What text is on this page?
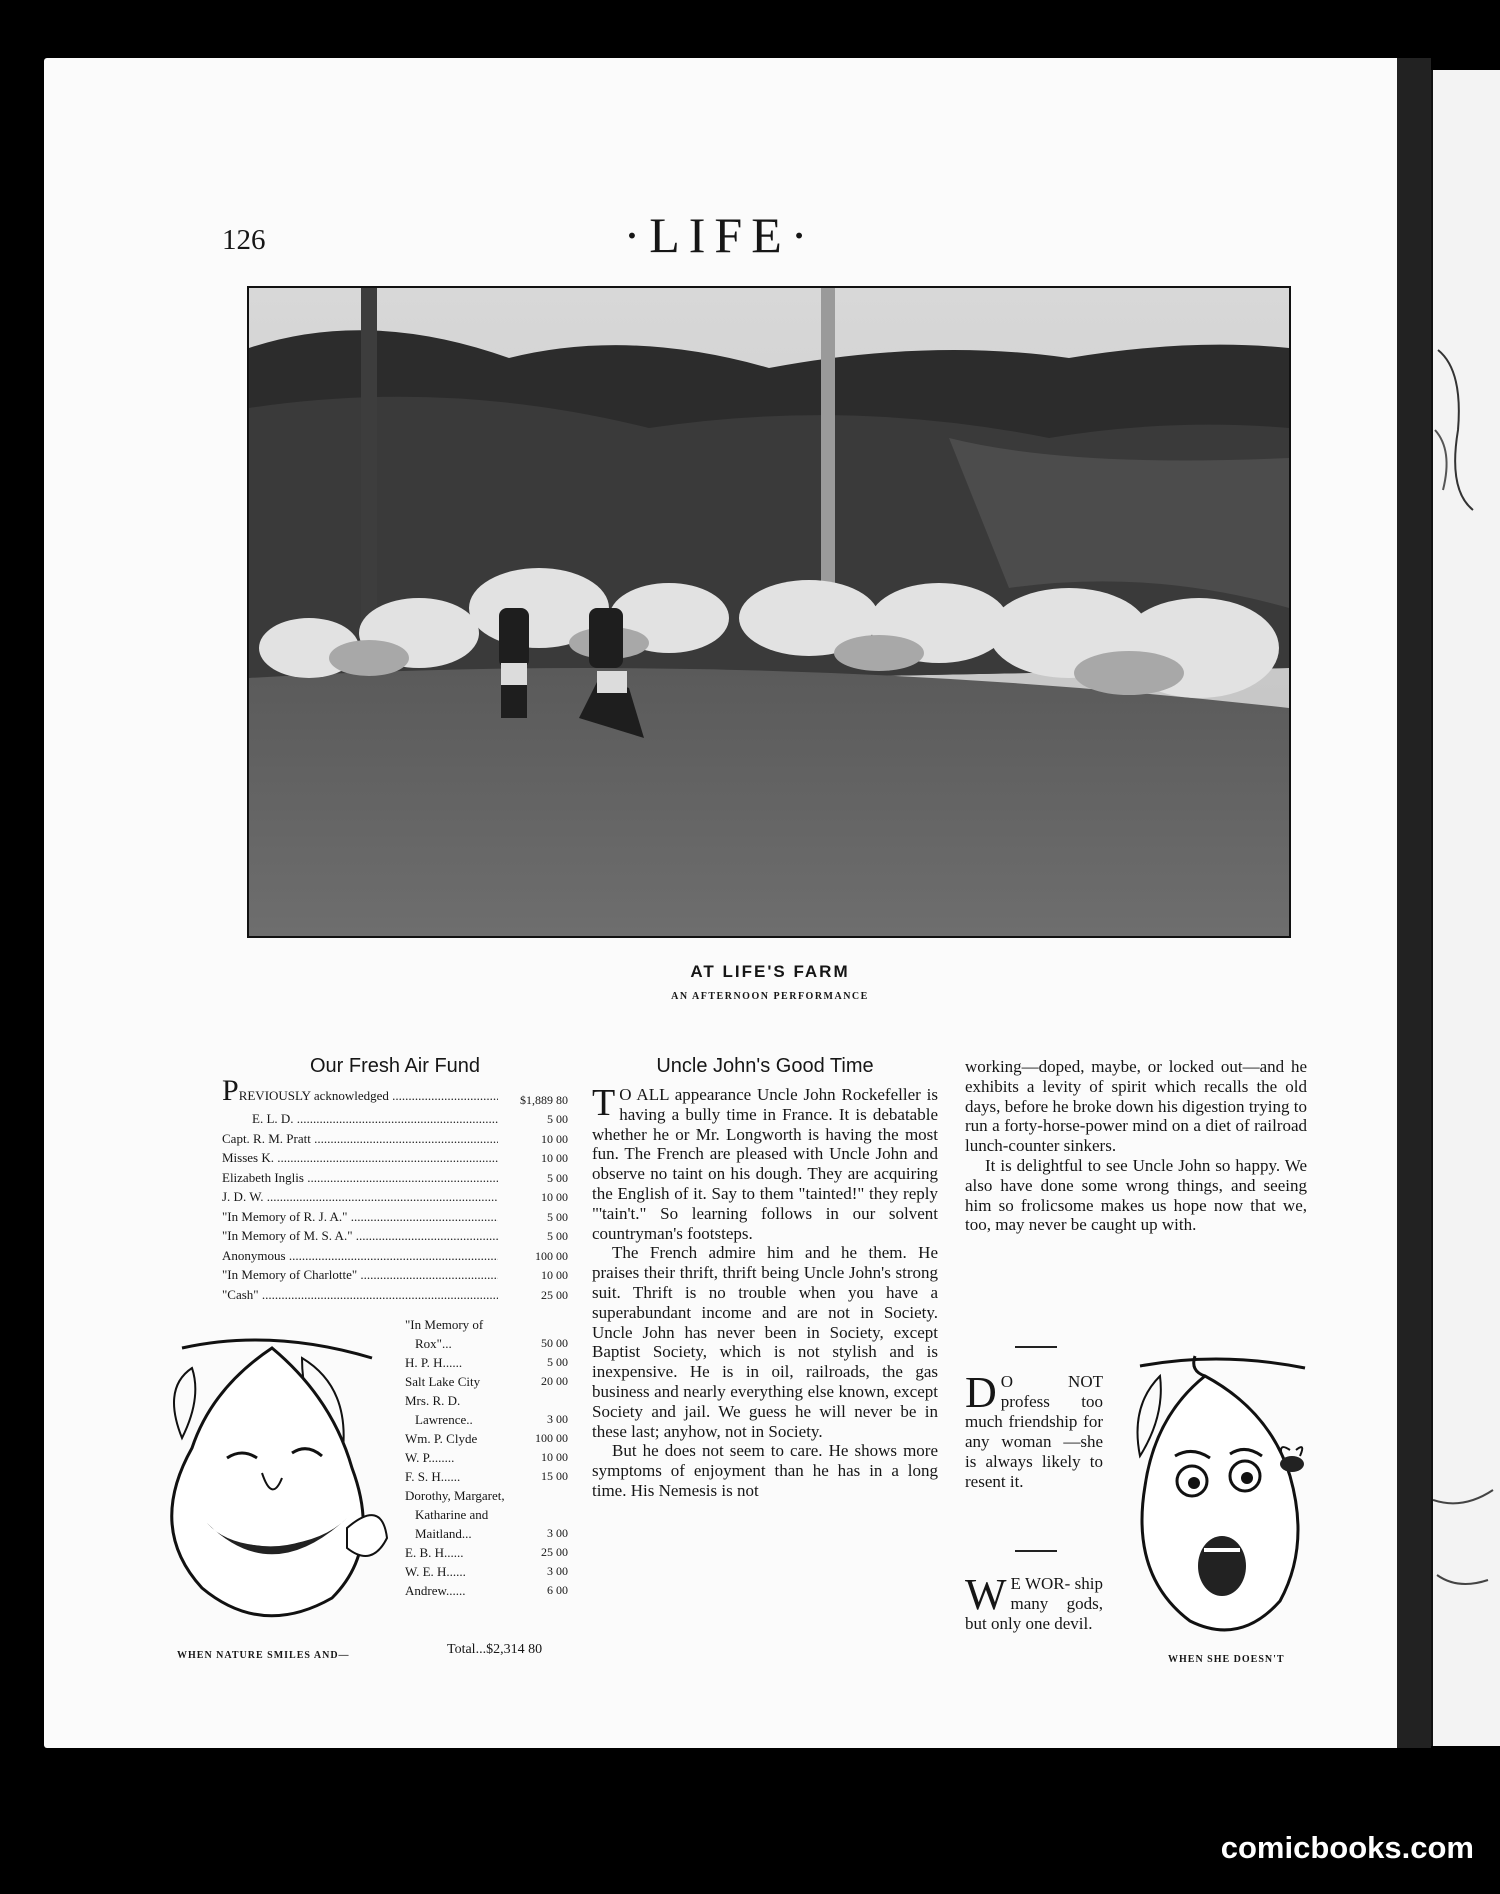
126	·LIFE·
AT LIFE'S FARM
AN AFTERNOON PERFORMANCE
Our Fresh Air Fund
PREVIOUSLY acknowledged .....	$1,889 80
E. L. D. .....	5 00
Capt. R. M. Pratt .....	10 00
Misses K. .....	10 00
Elizabeth Inglis .....	5 00
J. D. W. .....	10 00
"In Memory of R. J. A." .....	5 00
"In Memory of M. S. A." .....	5 00
Anonymous .....	100 00
"In Memory of Charlotte" .....	10 00
"Cash" .....	25 00
"In Memory of Rox"...	50 00
H. P. H......	5 00
Salt Lake City	20 00
Mrs. R. D. Lawrence..	3 00
Wm. P. Clyde	100 00
W. P........	10 00
F. S. H......	15 00
Dorothy, Margaret, Katharine and Maitland...	3 00
E. B. H......	25 00
W. E. H......	3 00
Andrew......	6 00
Total...$2,314 80
WHEN NATURE SMILES AND—
Uncle John's Good Time

T O ALL appearance Uncle John Rockefeller is having a bully time in France. It is debatable whether he or Mr. Longworth is having the most fun. The French are pleased with Uncle John and observe no taint on his dough. They are acquiring the English of it. Say to them "tainted!" they reply "'tain't." So learning follows in our solvent countryman's footsteps.

The French admire him and he them. He praises their thrift, thrift being Uncle John's strong suit. Thrift is no trouble when you have a superabundant income and are not in Society. Uncle John has never been in Society, except Baptist Society, which is not stylish and is inexpensive. He is in oil, railroads, the gas business and nearly everything else known, except Society and jail. We guess he will never be in these last; anyhow, not in Society.

But he does not seem to care. He shows more symptoms of enjoyment than he has in a long time. His Nemesis is not

working—doped, maybe, or locked out—and he exhibits a levity of spirit which recalls the old days, before he broke down his digestion trying to run a forty-horse-power mind on a diet of railroad lunch-counter sinkers.

It is delightful to see Uncle John so happy. We also have done some wrong things, and seeing him so frolicsome makes us hope now that we, too, may never be caught up with.

D O NOT profess too much friendship for any woman —she is always likely to resent it.
W E WOR- ship many gods, but only one devil.
WHEN SHE DOESN'T
comicbooks.com
